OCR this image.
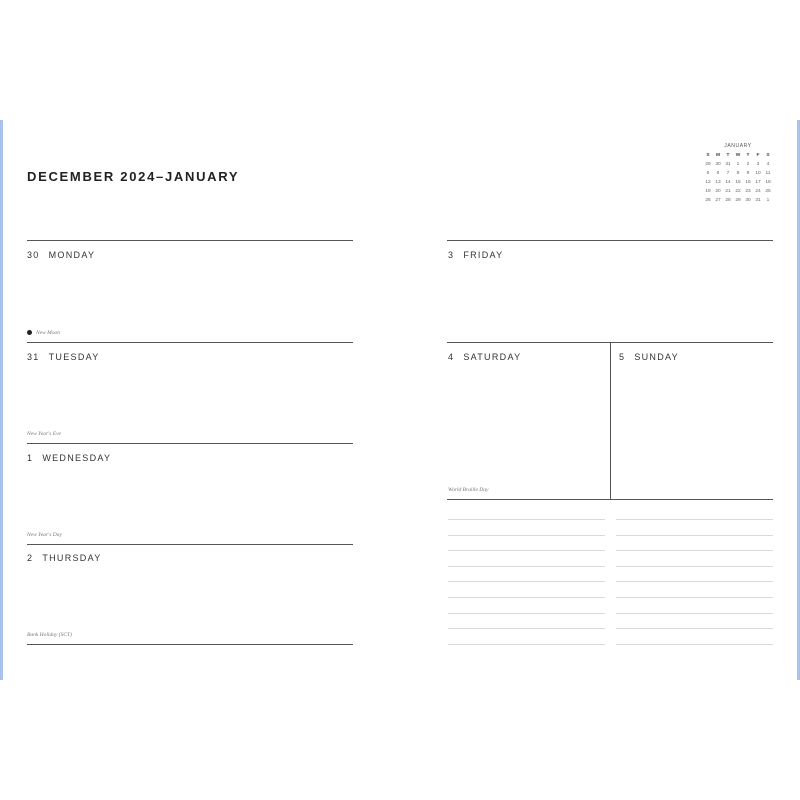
DECEMBER 2024–JANUARY
JANUARY
S	M	T	W	T	F	S
29 30 31	1	2	3	4
5	6	7	8	9	10	11
12 13 14 15 16 17 18
19 20 21 22 23 24 25
26 27 28 29 30 31	1
30 MONDAY
New Moon
31 TUESDAY
New Year's Eve
1 WEDNESDAY
New Year's Day
2 THURSDAY
Bank Holiday (SCT)
3 FRIDAY
4 SATURDAY
World Braille Day
5 SUNDAY
